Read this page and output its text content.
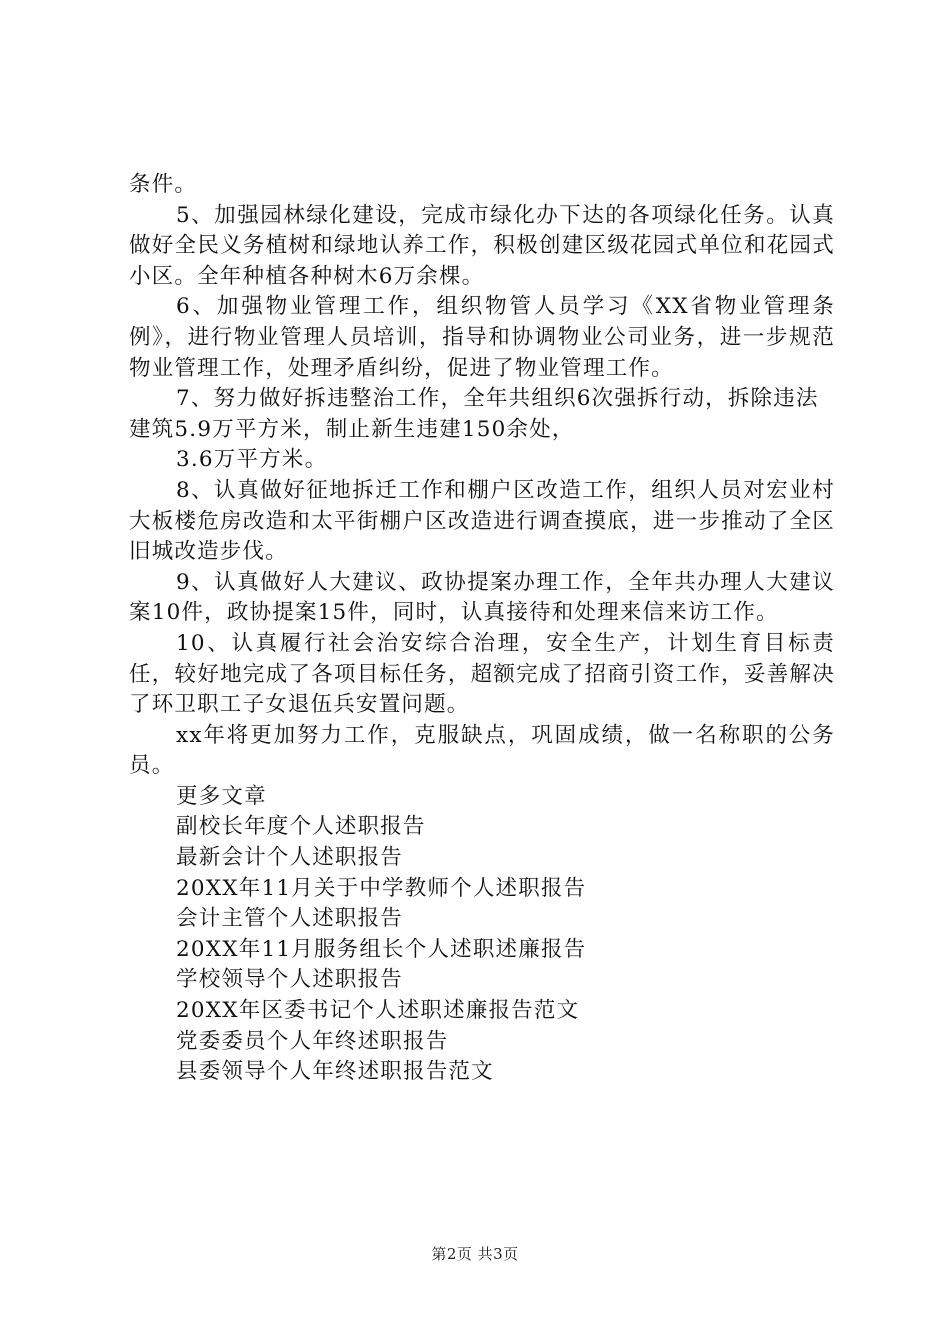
条件。

5、加强园林绿化建设，完成市绿化办下达的各项绿化任务。认真做好全民义务植树和绿地认养工作，积极创建区级花园式单位和花园式小区。全年种植各种树木6万余棵。

6、加强物业管理工作，组织物管人员学习《XX省物业管理条例》，进行物业管理人员培训，指导和协调物业公司业务，进一步规范物业管理工作，处理矛盾纠纷，促进了物业管理工作。

7、努力做好拆违整治工作，全年共组织6次强拆行动，拆除违法建筑5.9万平方米，制止新生违建150余处，

3.6万平方米。

8、认真做好征地拆迁工作和棚户区改造工作，组织人员对宏业村大板楼危房改造和太平街棚户区改造进行调查摸底，进一步推动了全区旧城改造步伐。

9、认真做好人大建议、政协提案办理工作，全年共办理人大建议案10件，政协提案15件，同时，认真接待和处理来信来访工作。

10、认真履行社会治安综合治理，安全生产，计划生育目标责任，较好地完成了各项目标任务，超额完成了招商引资工作，妥善解决了环卫职工子女退伍兵安置问题。

xx年将更加努力工作，克服缺点，巩固成绩，做一名称职的公务员。

更多文章

副校长年度个人述职报告
最新会计个人述职报告
20XX年11月关于中学教师个人述职报告
会计主管个人述职报告
20XX年11月服务组长个人述职述廉报告
学校领导个人述职报告
20XX年区委书记个人述职述廉报告范文
党委委员个人年终述职报告
县委领导个人年终述职报告范文
第2页 共3页
